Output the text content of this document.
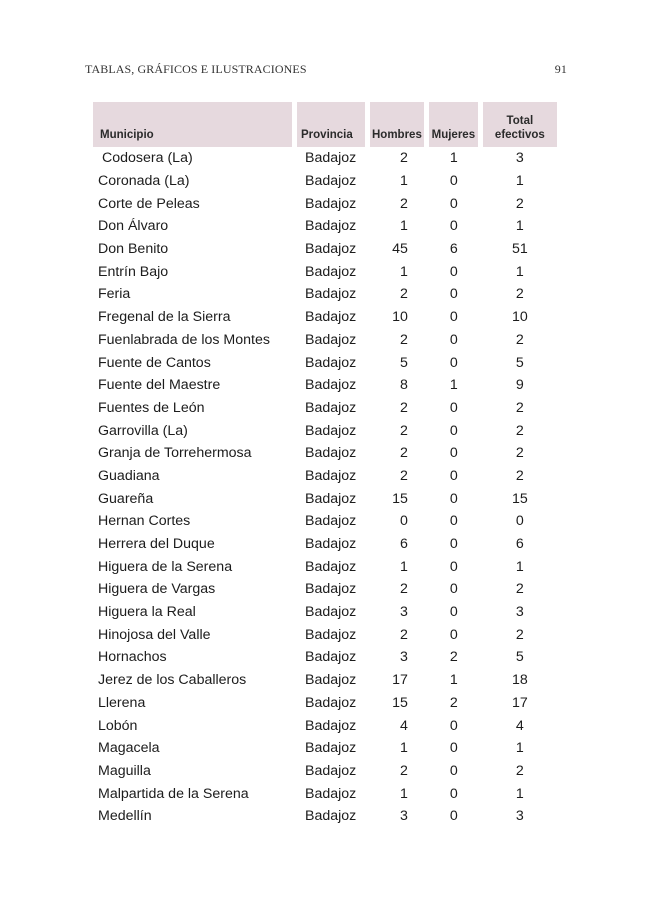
TABLAS, GRÁFICOS E ILUSTRACIONES	91
Municipio	Provincia	Hombres	Mujeres	Total
efectivos
Codosera (La)	Badajoz	2	1	3
Coronada (La)	Badajoz	1	0	1
Corte de Peleas	Badajoz	2	0	2
Don Álvaro	Badajoz	1	0	1
Don Benito	Badajoz	45	6	51
Entrín Bajo	Badajoz	1	0	1
Feria	Badajoz	2	0	2
Fregenal de la Sierra	Badajoz	10	0	10
Fuenlabrada de los Montes	Badajoz	2	0	2
Fuente de Cantos	Badajoz	5	0	5
Fuente del Maestre	Badajoz	8	1	9
Fuentes de León	Badajoz	2	0	2
Garrovilla (La)	Badajoz	2	0	2
Granja de Torrehermosa	Badajoz	2	0	2
Guadiana	Badajoz	2	0	2
Guareña	Badajoz	15	0	15
Hernan Cortes	Badajoz	0	0	0
Herrera del Duque	Badajoz	6	0	6
Higuera de la Serena	Badajoz	1	0	1
Higuera de Vargas	Badajoz	2	0	2
Higuera la Real	Badajoz	3	0	3
Hinojosa del Valle	Badajoz	2	0	2
Hornachos	Badajoz	3	2	5
Jerez de los Caballeros	Badajoz	17	1	18
Llerena	Badajoz	15	2	17
Lobón	Badajoz	4	0	4
Magacela	Badajoz	1	0	1
Maguilla	Badajoz	2	0	2
Malpartida de la Serena	Badajoz	1	0	1
Medellín	Badajoz	3	0	3
